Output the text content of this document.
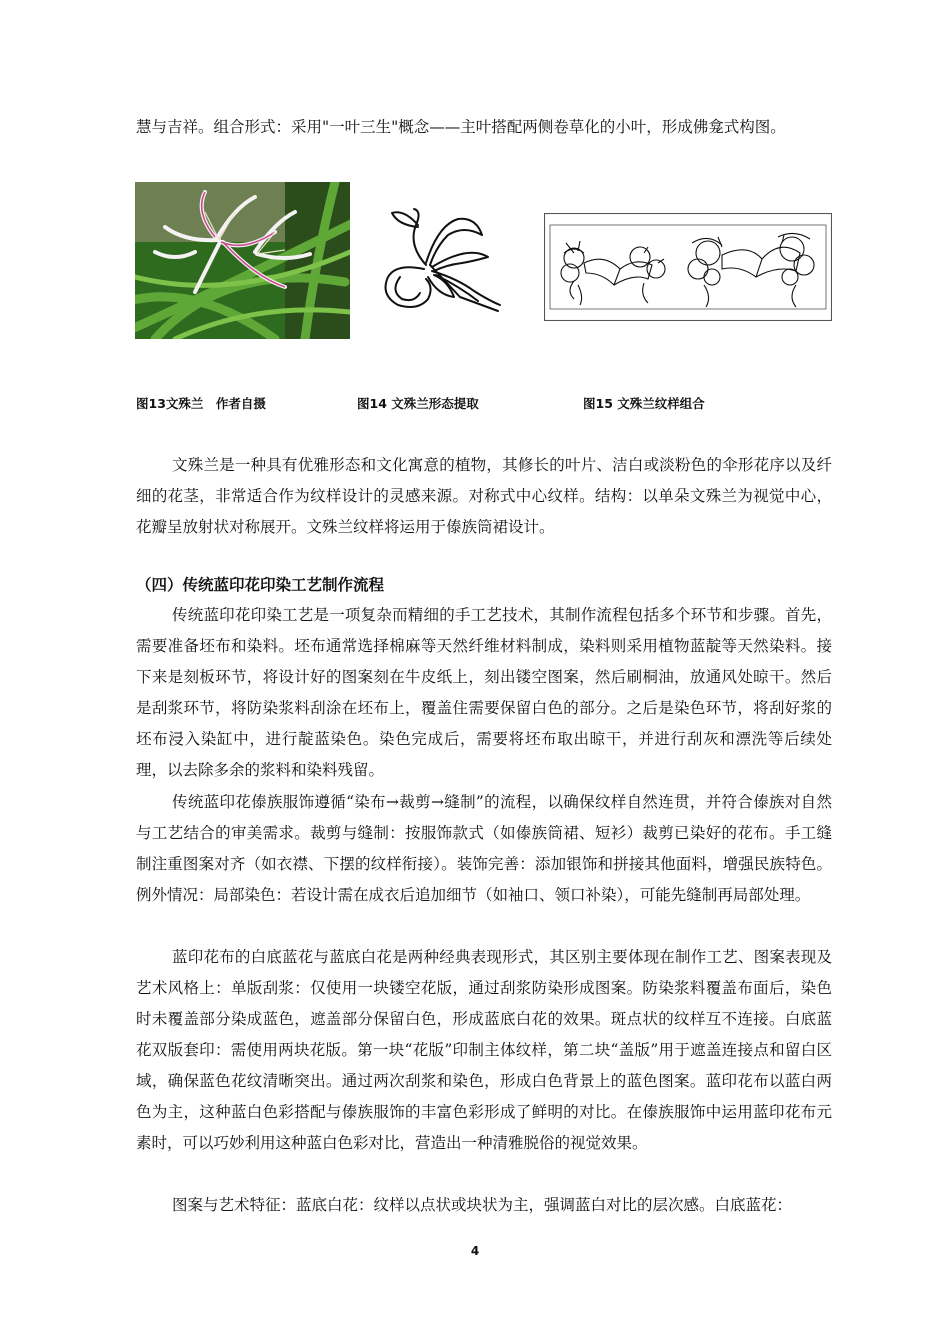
慧与吉祥。组合形式：采用"一叶三生"概念——主叶搭配两侧卷草化的小叶，形成佛龛式构图。

图13文殊兰　作者自摄	图14 文殊兰形态提取	图15 文殊兰纹样组合

文殊兰是一种具有优雅形态和文化寓意的植物，其修长的叶片、洁白或淡粉色的伞形花序以及纤细的花茎，非常适合作为纹样设计的灵感来源。对称式中心纹样。结构：以单朵文殊兰为视觉中心，花瓣呈放射状对称展开。文殊兰纹样将运用于傣族筒裙设计。

（四）传统蓝印花印染工艺制作流程

传统蓝印花印染工艺是一项复杂而精细的手工艺技术，其制作流程包括多个环节和步骤。首先，需要准备坯布和染料。坯布通常选择棉麻等天然纤维材料制成，染料则采用植物蓝靛等天然染料。接下来是刻板环节，将设计好的图案刻在牛皮纸上，刻出镂空图案，然后刷桐油，放通风处晾干。然后是刮浆环节，将防染浆料刮涂在坯布上，覆盖住需要保留白色的部分。之后是染色环节，将刮好浆的坯布浸入染缸中，进行靛蓝染色。染色完成后，需要将坯布取出晾干，并进行刮灰和漂洗等后续处理，以去除多余的浆料和染料残留。

传统蓝印花傣族服饰遵循“染布→裁剪→缝制”的流程，以确保纹样自然连贯，并符合傣族对自然与工艺结合的审美需求。裁剪与缝制：按服饰款式（如傣族筒裙、短衫）裁剪已染好的花布。手工缝制注重图案对齐（如衣襟、下摆的纹样衔接）。装饰完善：添加银饰和拼接其他面料，增强民族特色。例外情况：局部染色：若设计需在成衣后追加细节（如袖口、领口补染），可能先缝制再局部处理。

蓝印花布的白底蓝花与蓝底白花是两种经典表现形式，其区别主要体现在制作工艺、图案表现及艺术风格上：单版刮浆：仅使用一块镂空花版，通过刮浆防染形成图案。防染浆料覆盖布面后，染色时未覆盖部分染成蓝色，遮盖部分保留白色，形成蓝底白花的效果。斑点状的纹样互不连接。白底蓝花双版套印：需使用两块花版。第一块“花版”印制主体纹样，第二块“盖版”用于遮盖连接点和留白区域，确保蓝色花纹清晰突出。通过两次刮浆和染色，形成白色背景上的蓝色图案。蓝印花布以蓝白两色为主，这种蓝白色彩搭配与傣族服饰的丰富色彩形成了鲜明的对比。在傣族服饰中运用蓝印花布元素时，可以巧妙利用这种蓝白色彩对比，营造出一种清雅脱俗的视觉效果。

图案与艺术特征：蓝底白花：纹样以点状或块状为主，强调蓝白对比的层次感。白底蓝花：

4
